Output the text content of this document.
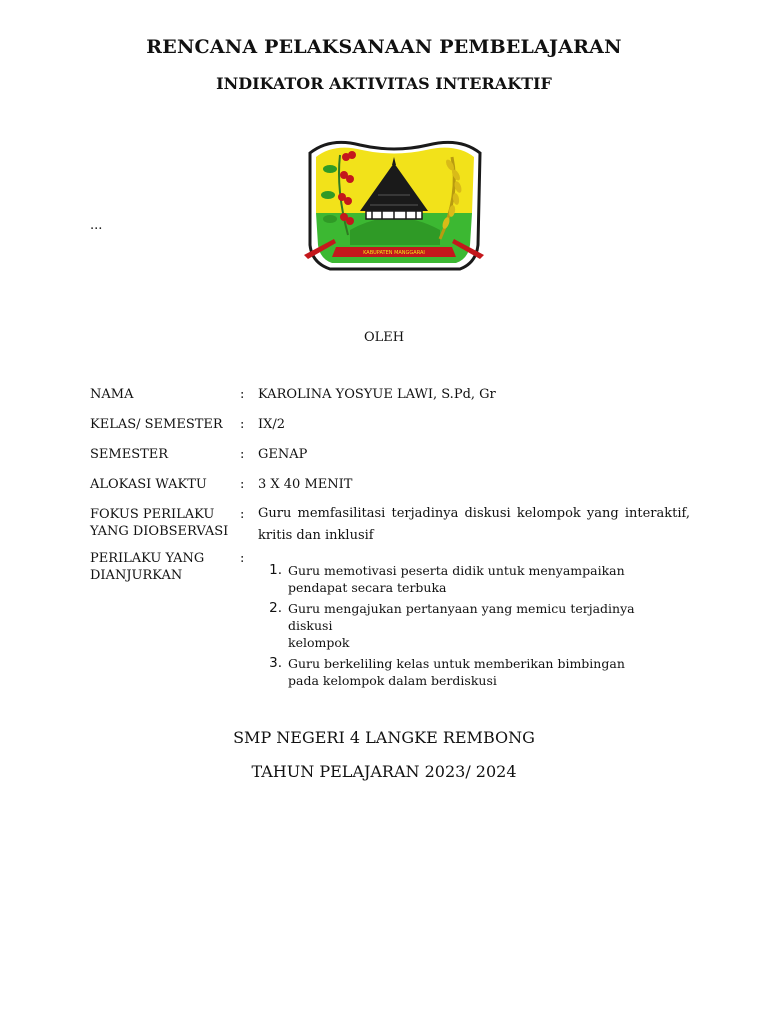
RENCANA PELAKSANAAN PEMBELAJARAN
INDIKATOR AKTIVITAS INTERAKTIF
...
KABUPATEN MANGGARAI
OLEH
NAMA	:	KAROLINA YOSYUE LAWI, S.Pd, Gr
KELAS/ SEMESTER	:	IX/2
SEMESTER	:	GENAP
ALOKASI WAKTU	:	3 X 40 MENIT
FOKUS PERILAKU
YANG DIOBSERVASI
:	Guru memfasilitasi terjadinya diskusi kelompok yang interaktif, kritis dan inklusif
PERILAKU YANG
DIANJURKAN
:
1. Guru memotivasi peserta didik untuk menyampaikan
pendapat secara terbuka
2. Guru mengajukan pertanyaan yang memicu terjadinya diskusi
kelompok
3. Guru berkeliling kelas untuk memberikan bimbingan
pada kelompok dalam berdiskusi
SMP NEGERI 4 LANGKE REMBONG
TAHUN PELAJARAN 2023/ 2024
